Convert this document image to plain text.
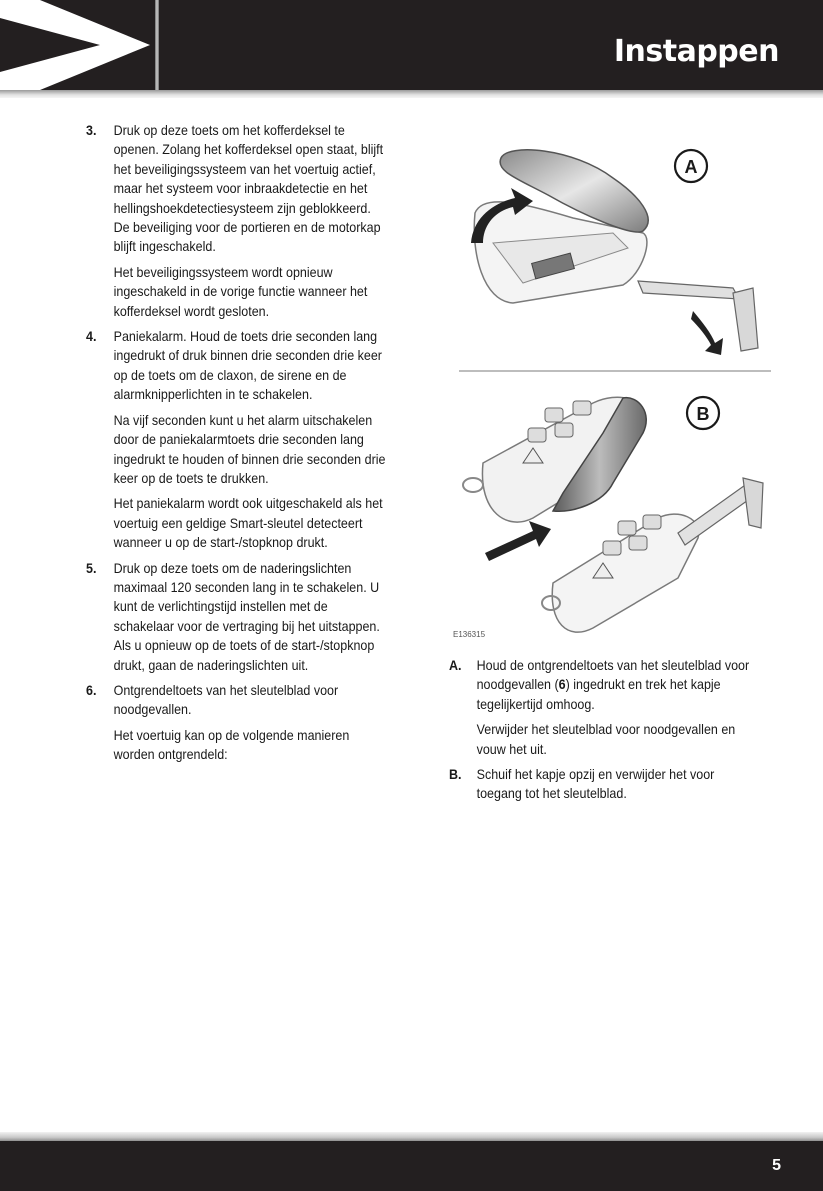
Instappen
3. Druk op deze toets om het kofferdeksel te openen. Zolang het kofferdeksel open staat, blijft het beveiligingssysteem van het voertuig actief, maar het systeem voor inbraakdetectie en het hellingshoekdetectiesysteem zijn geblokkeerd. De beveiliging voor de portieren en de motorkap blijft ingeschakeld.

Het beveiligingssysteem wordt opnieuw ingeschakeld in de vorige functie wanneer het kofferdeksel wordt gesloten.

4. Paniekalarm. Houd de toets drie seconden lang ingedrukt of druk binnen drie seconden drie keer op de toets om de claxon, de sirene en de alarmknipperlichten in te schakelen.

Na vijf seconden kunt u het alarm uitschakelen door de paniekalarmtoets drie seconden lang ingedrukt te houden of binnen drie seconden drie keer op de toets te drukken.

Het paniekalarm wordt ook uitgeschakeld als het voertuig een geldige Smart-sleutel detecteert wanneer u op de start-/stopknop drukt.

5. Druk op deze toets om de naderingslichten maximaal 120 seconden lang in te schakelen. U kunt de verlichtingstijd instellen met de schakelaar voor de vertraging bij het uitstappen. Als u opnieuw op de toets of de start-/stopknop drukt, gaan de naderingslichten uit.

6. Ontgrendeltoets van het sleutelblad voor noodgevallen.

Het voertuig kan op de volgende manieren worden ontgrendeld:

A
B
E136315
A. Houd de ontgrendeltoets van het sleutelblad voor noodgevallen (6) ingedrukt en trek het kapje tegelijkertijd omhoog.

Verwijder het sleutelblad voor noodgevallen en vouw het uit.

B. Schuif het kapje opzij en verwijder het voor toegang tot het sleutelblad.

5
